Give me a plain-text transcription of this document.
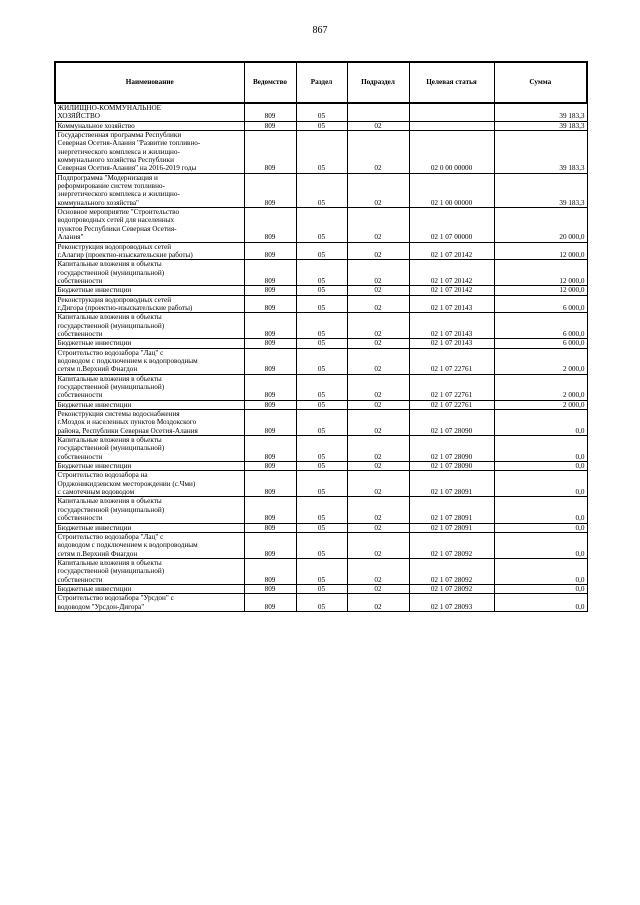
867
Наименование	Ведомство	Раздел	Подраздел	Целевая статья	Сумма
ЖИЛИЩНО-КОММУНАЛЬНОЕ
ХОЗЯЙСТВО	809	05			39 183,3
Коммунальное хозяйство	809	05	02		39 183,3
Государственная программа Республики
Северная Осетия-Алания "Развитие топливно-
энергетического комплекса и жилищно-
коммунального хозяйства Республики
Северная Осетия-Алания" на 2016-2019 годы	809	05	02	02 0 00 00000	39 183,3
Подпрограмма "Модернизация и
реформирование систем топливно-
энергетического комплекса и жилищно-
коммунального хозяйства"	809	05	02	02 1 00 00000	39 183,3
Основное мероприятие "Строительство
водопроводных сетей для населенных
пунктов Республики Северная Осетия-
Алания"	809	05	02	02 1 07 00000	20 000,0
Реконструкция водопроводных сетей
г.Алагир (проектно-изыскательские работы)	809	05	02	02 1 07 20142	12 000,0
Капитальные вложения в объекты
государственной (муниципальной)
собственности	809	05	02	02 1 07 20142	12 000,0
Бюджетные инвестиции	809	05	02	02 1 07 20142	12 000,0
Реконструкция водопроводных сетей
г.Дигора (проектно-изыскательские работы)	809	05	02	02 1 07 20143	6 000,0
Капитальные вложения в объекты
государственной (муниципальной)
собственности	809	05	02	02 1 07 20143	6 000,0
Бюджетные инвестиции	809	05	02	02 1 07 20143	6 000,0
Строительство водозабора "Лац" с
водоводом с подключением к водопроводным
сетям п.Верхний Фиагдон	809	05	02	02 1 07 22761	2 000,0
Капитальные вложения в объекты
государственной (муниципальной)
собственности	809	05	02	02 1 07 22761	2 000,0
Бюджетные инвестиции	809	05	02	02 1 07 22761	2 000,0
Реконструкция системы водоснабжения
г.Моздок и населенных пунктов Моздокского
района, Республики Северная Осетия-Алания	809	05	02	02 1 07 28090	0,0
Капитальные вложения в объекты
государственной (муниципальной)
собственности	809	05	02	02 1 07 28090	0,0
Бюджетные инвестиции	809	05	02	02 1 07 28090	0,0
Строительство водозабора на
Орджоникидзевском месторождении (с.Чми)
с самотечным водоводом	809	05	02	02 1 07 28091	0,0
Капитальные вложения в объекты
государственной (муниципальной)
собственности	809	05	02	02 1 07 28091	0,0
Бюджетные инвестиции	809	05	02	02 1 07 28091	0,0
Строительство водозабора "Лац" с
водоводом с подключением к водопроводным
сетям п.Верхний Фиагдон	809	05	02	02 1 07 28092	0,0
Капитальные вложения в объекты
государственной (муниципальной)
собственности	809	05	02	02 1 07 28092	0,0
Бюджетные инвестиции	809	05	02	02 1 07 28092	0,0
Строительство водозабора "Урсдон" с
водоводом "Урсдон-Дигора"	809	05	02	02 1 07 28093	0,0
